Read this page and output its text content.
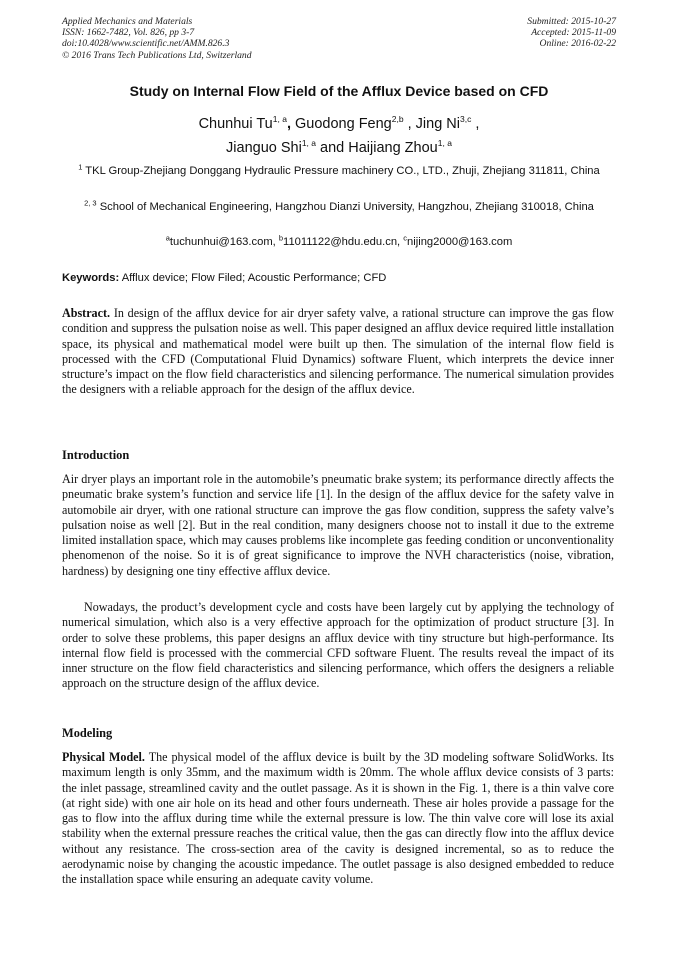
Applied Mechanics and Materials
ISSN: 1662-7482, Vol. 826, pp 3-7
doi:10.4028/www.scientific.net/AMM.826.3
© 2016 Trans Tech Publications Ltd, Switzerland
Submitted: 2015-10-27
Accepted: 2015-11-09
Online: 2016-02-22
Study on Internal Flow Field of the Afflux Device based on CFD
Chunhui Tu$^{1, a}$, Guodong Feng$^{2,b}$ , Jing Ni$^{3,c}$ ,
Jianguo Shi$^{1, a}$ and Haijiang Zhou$^{1, a}$
$^1$ TKL Group-Zhejiang Donggang Hydraulic Pressure machinery CO., LTD., Zhuji, Zhejiang 311811, China
$^{2, 3}$ School of Mechanical Engineering, Hangzhou Dianzi University, Hangzhou, Zhejiang 310018, China
$^a$tuchunhui@163.com, $^b$11011122@hdu.edu.cn, $^c$nijing2000@163.com
Keywords: Afflux device; Flow Filed; Acoustic Performance; CFD
Abstract. In design of the afflux device for air dryer safety valve, a rational structure can improve the gas flow condition and suppress the pulsation noise as well. This paper designed an afflux device required little installation space, its physical and mathematical model were built up then. The simulation of the internal flow field is processed with the CFD (Computational Fluid Dynamics) software Fluent, which interprets the device inner structure’s impact on the flow field characteristics and silencing performance. The numerical simulation provides the designers with a reliable approach for the design of the afflux device.
Introduction
Air dryer plays an important role in the automobile’s pneumatic brake system; its performance directly affects the pneumatic brake system’s function and service life [1]. In the design of the afflux device for the safety valve in automobile air dryer, with one rational structure can improve the gas flow condition, suppress the safety valve’s pulsation noise as well [2]. But in the real condition, many designers choose not to install it due to the extreme limited installation space, which may causes problems like incomplete gas feeding condition or unconventionality phenomenon of the noise. So it is of great significance to improve the NVH characteristics (noise, vibration, hardness) by designing one tiny effective afflux device.
Nowadays, the product’s development cycle and costs have been largely cut by applying the technology of numerical simulation, which also is a very effective approach for the optimization of product structure [3]. In order to solve these problems, this paper designs an afflux device with tiny structure but high-performance. Its internal flow field is processed with the commercial CFD software Fluent. The results reveal the impact of its inner structure on the flow field characteristics and silencing performance, which offers the designers a reliable approach on the structure design of the afflux device.
Modeling
Physical Model. The physical model of the afflux device is built by the 3D modeling software SolidWorks. Its maximum length is only 35mm, and the maximum width is 20mm. The whole afflux device consists of 3 parts: the inlet passage, streamlined cavity and the outlet passage. As it is shown in the Fig. 1, there is a thin valve core (at right side) with one air hole on its head and other fours underneath. These air holes provide a passage for the gas to flow into the afflux during time while the external pressure is low. The thin valve core will lose its axial stability when the external pressure reaches the critical value, then the gas can directly flow into the afflux device without any resistance. The cross-section area of the cavity is designed incremental, so as to reduce the aerodynamic noise by changing the acoustic impedance. The outlet passage is also designed embedded to reduce the installation space while ensuring an adequate cavity volume.
